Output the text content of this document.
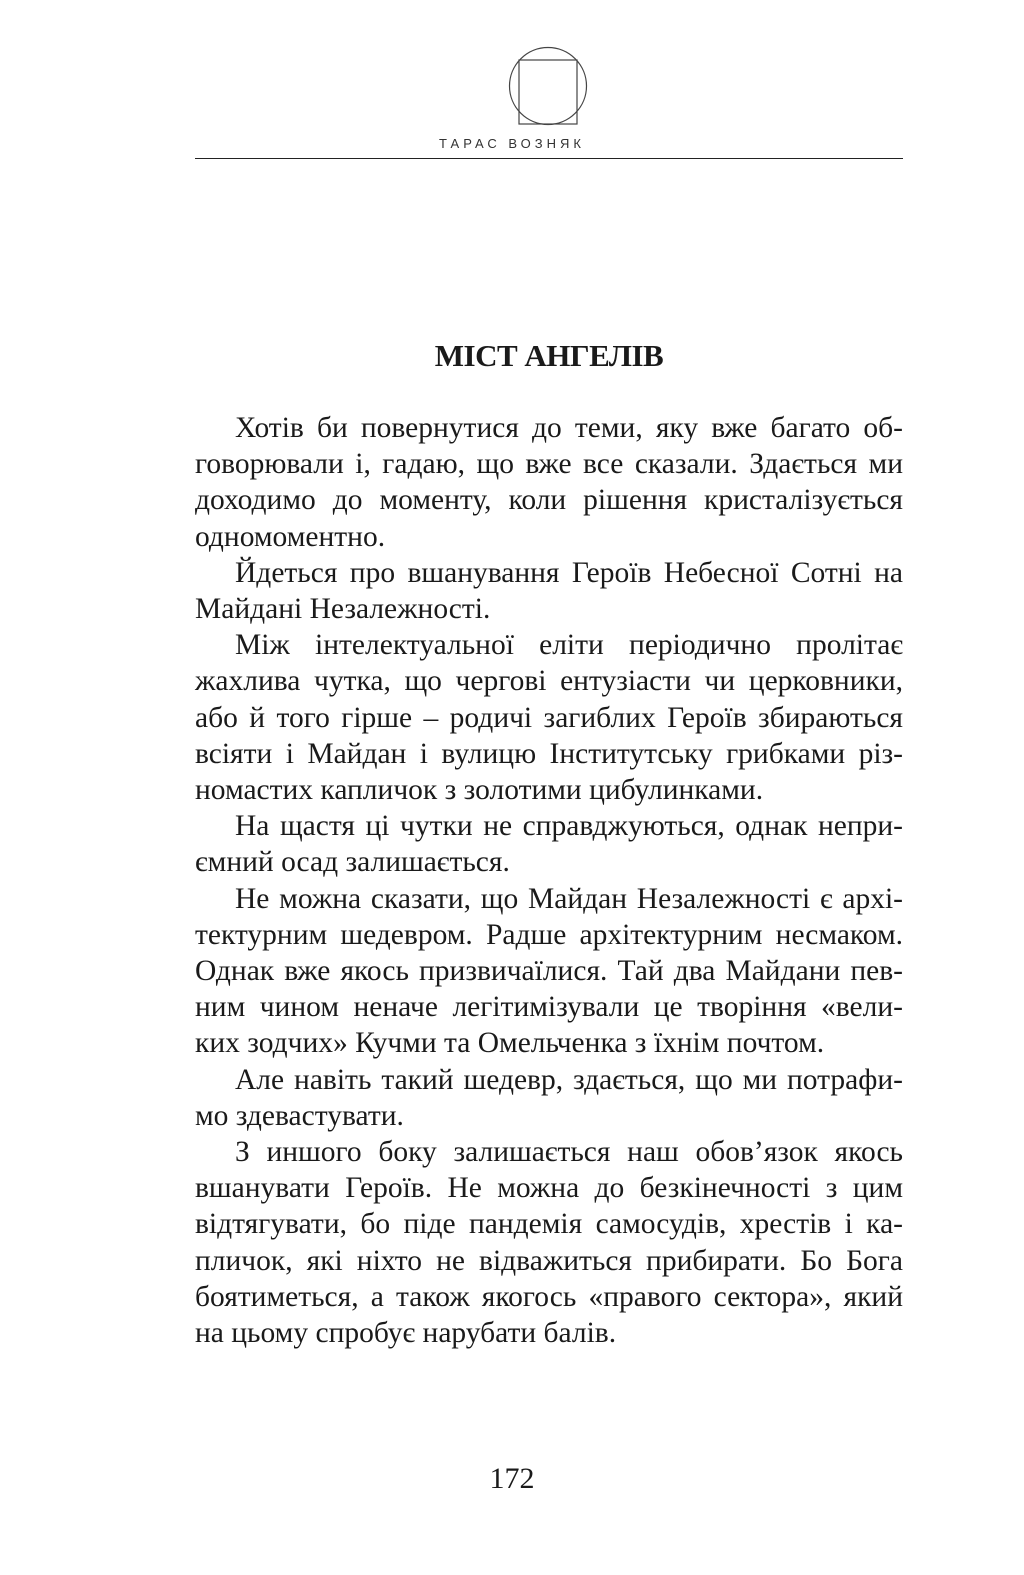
ТАРАС ВОЗНЯК
МІСТ АНГЕЛІВ

Хотів би повернутися до теми, яку вже багато об-
говорювали і, гадаю, що вже все сказали. Здається ми
доходимо до моменту, коли рішення кристалізується
одномоментно.

Йдеться про вшанування Героїв Небесної Сотні на
Майдані Незалежності.

Між інтелектуальної еліти періодично пролітає
жахлива чутка, що чергові ентузіасти чи церковники,
або й того гірше – родичі загиблих Героїв збираються
всіяти і Майдан і вулицю Інститутську грибками різ-
номастих капличок з золотими цибулинками.

На щастя ці чутки не справджуються, однак непри-
ємний осад залишається.

Не можна сказати, що Майдан Незалежності є архі-
тектурним шедевром. Радше архітектурним несмаком.
Однак вже якось призвичаїлися. Тай два Майдани пев-
ним чином неначе легітимізували це творіння «вели-
ких зодчих» Кучми та Омельченка з їхнім почтом.

Але навіть такий шедевр, здається, що ми потрафи-
мо здевастувати.

З иншого боку залишається наш обов’язок якось
вшанувати Героїв. Не можна до безкінечності з цим
відтягувати, бо піде пандемія самосудів, хрестів і ка-
пличок, які ніхто не відважиться прибирати. Бо Бога
боятиметься, а також якогось «правого сектора», який
на цьому спробує нарубати балів.

172
